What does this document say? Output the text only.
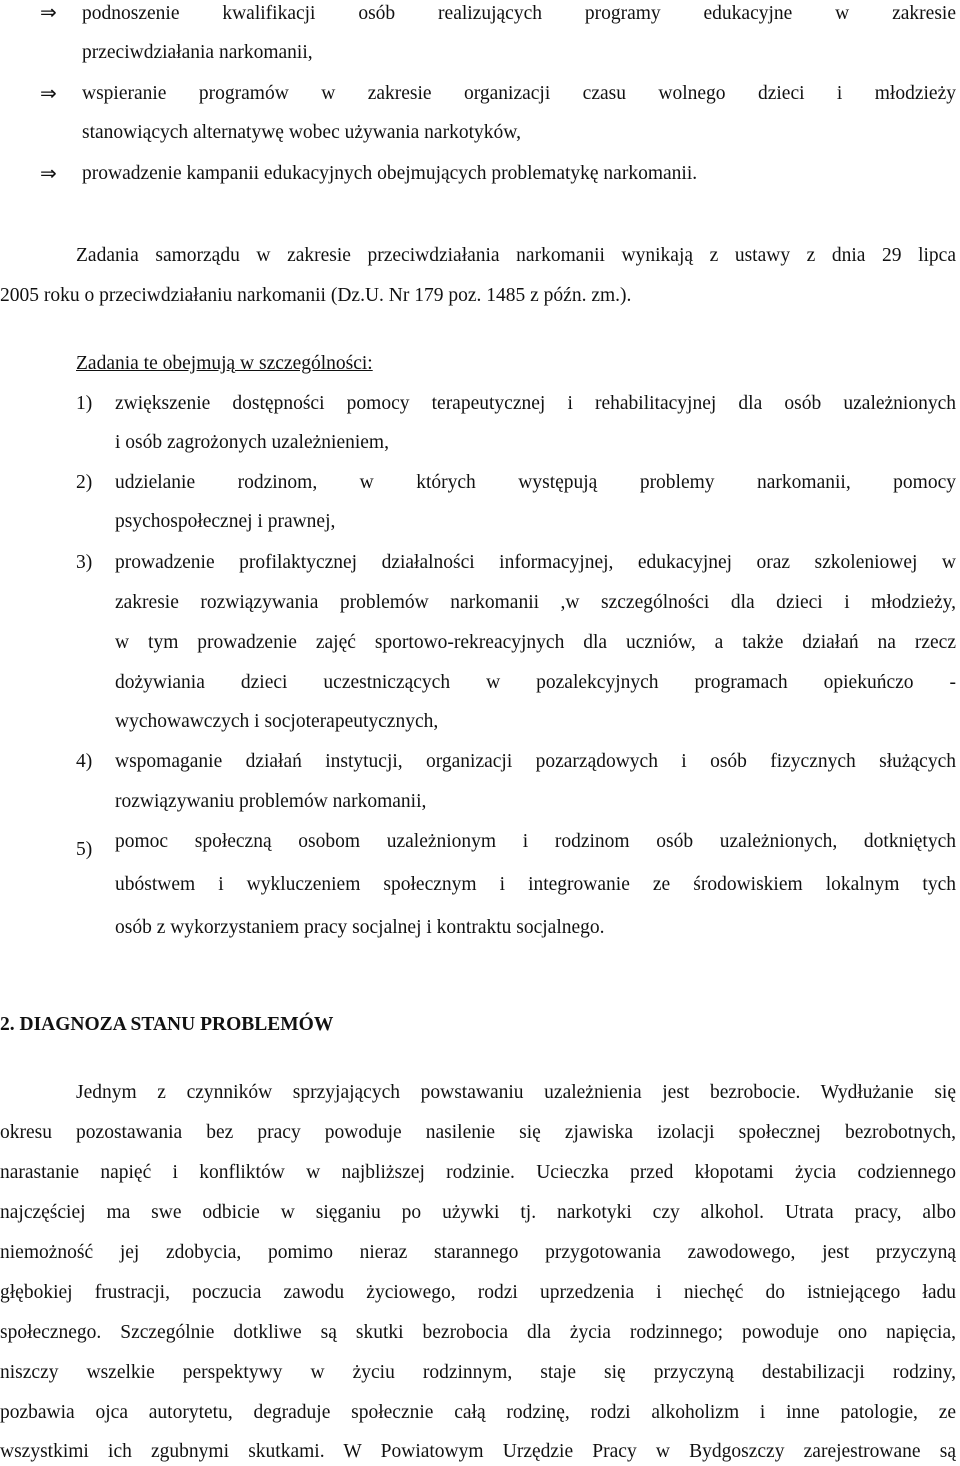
⇒ podnoszenie kwalifikacji osób realizujących programy edukacyjne w zakresie
przeciwdziałania narkomanii,
⇒ wspieranie programów w zakresie organizacji czasu wolnego dzieci i młodzieży
stanowiących alternatywę wobec używania narkotyków,
⇒ prowadzenie kampanii edukacyjnych obejmujących problematykę narkomanii.
Zadania samorządu w zakresie przeciwdziałania narkomanii wynikają z ustawy z dnia 29 lipca
2005 roku o przeciwdziałaniu narkomanii (Dz.U. Nr 179 poz. 1485 z późn. zm.).
Zadania te obejmują w szczególności:
1) zwiększenie dostępności pomocy terapeutycznej i rehabilitacyjnej dla osób uzależnionych
i osób zagrożonych uzależnieniem,
2) udzielanie rodzinom, w których występują problemy narkomanii, pomocy
psychospołecznej i prawnej,
3) prowadzenie profilaktycznej działalności informacyjnej, edukacyjnej oraz szkoleniowej w
zakresie rozwiązywania problemów narkomanii ,w szczególności dla dzieci i młodzieży,
w tym prowadzenie zajęć sportowo-rekreacyjnych dla uczniów, a także działań na rzecz
dożywiania dzieci uczestniczących w pozalekcyjnych programach opiekuńczo -
wychowawczych i socjoterapeutycznych,
4) wspomaganie działań instytucji, organizacji pozarządowych i osób fizycznych służących
rozwiązywaniu problemów narkomanii,
5) pomoc społeczną osobom uzależnionym i rodzinom osób uzależnionych, dotkniętych
ubóstwem i wykluczeniem społecznym i integrowanie ze środowiskiem lokalnym tych
osób z wykorzystaniem pracy socjalnej i kontraktu socjalnego.
2. DIAGNOZA STANU PROBLEMÓW
Jednym z czynników sprzyjających powstawaniu uzależnienia jest bezrobocie. Wydłużanie się
okresu pozostawania bez pracy powoduje nasilenie się zjawiska izolacji społecznej bezrobotnych,
narastanie napięć i konfliktów w najbliższej rodzinie. Ucieczka przed kłopotami życia codziennego
najczęściej ma swe odbicie w sięganiu po używki tj. narkotyki czy alkohol. Utrata pracy, albo
niemożność jej zdobycia, pomimo nieraz starannego przygotowania zawodowego, jest przyczyną
głębokiej frustracji, poczucia zawodu życiowego, rodzi uprzedzenia i niechęć do istniejącego ładu
społecznego. Szczególnie dotkliwe są skutki bezrobocia dla życia rodzinnego; powoduje ono napięcia,
niszczy wszelkie perspektywy w życiu rodzinnym, staje się przyczyną destabilizacji rodziny,
pozbawia ojca autorytetu, degraduje społecznie całą rodzinę, rodzi alkoholizm i inne patologie, ze
wszystkimi ich zgubnymi skutkami. W Powiatowym Urzędzie Pracy w Bydgoszczy zarejestrowane są
